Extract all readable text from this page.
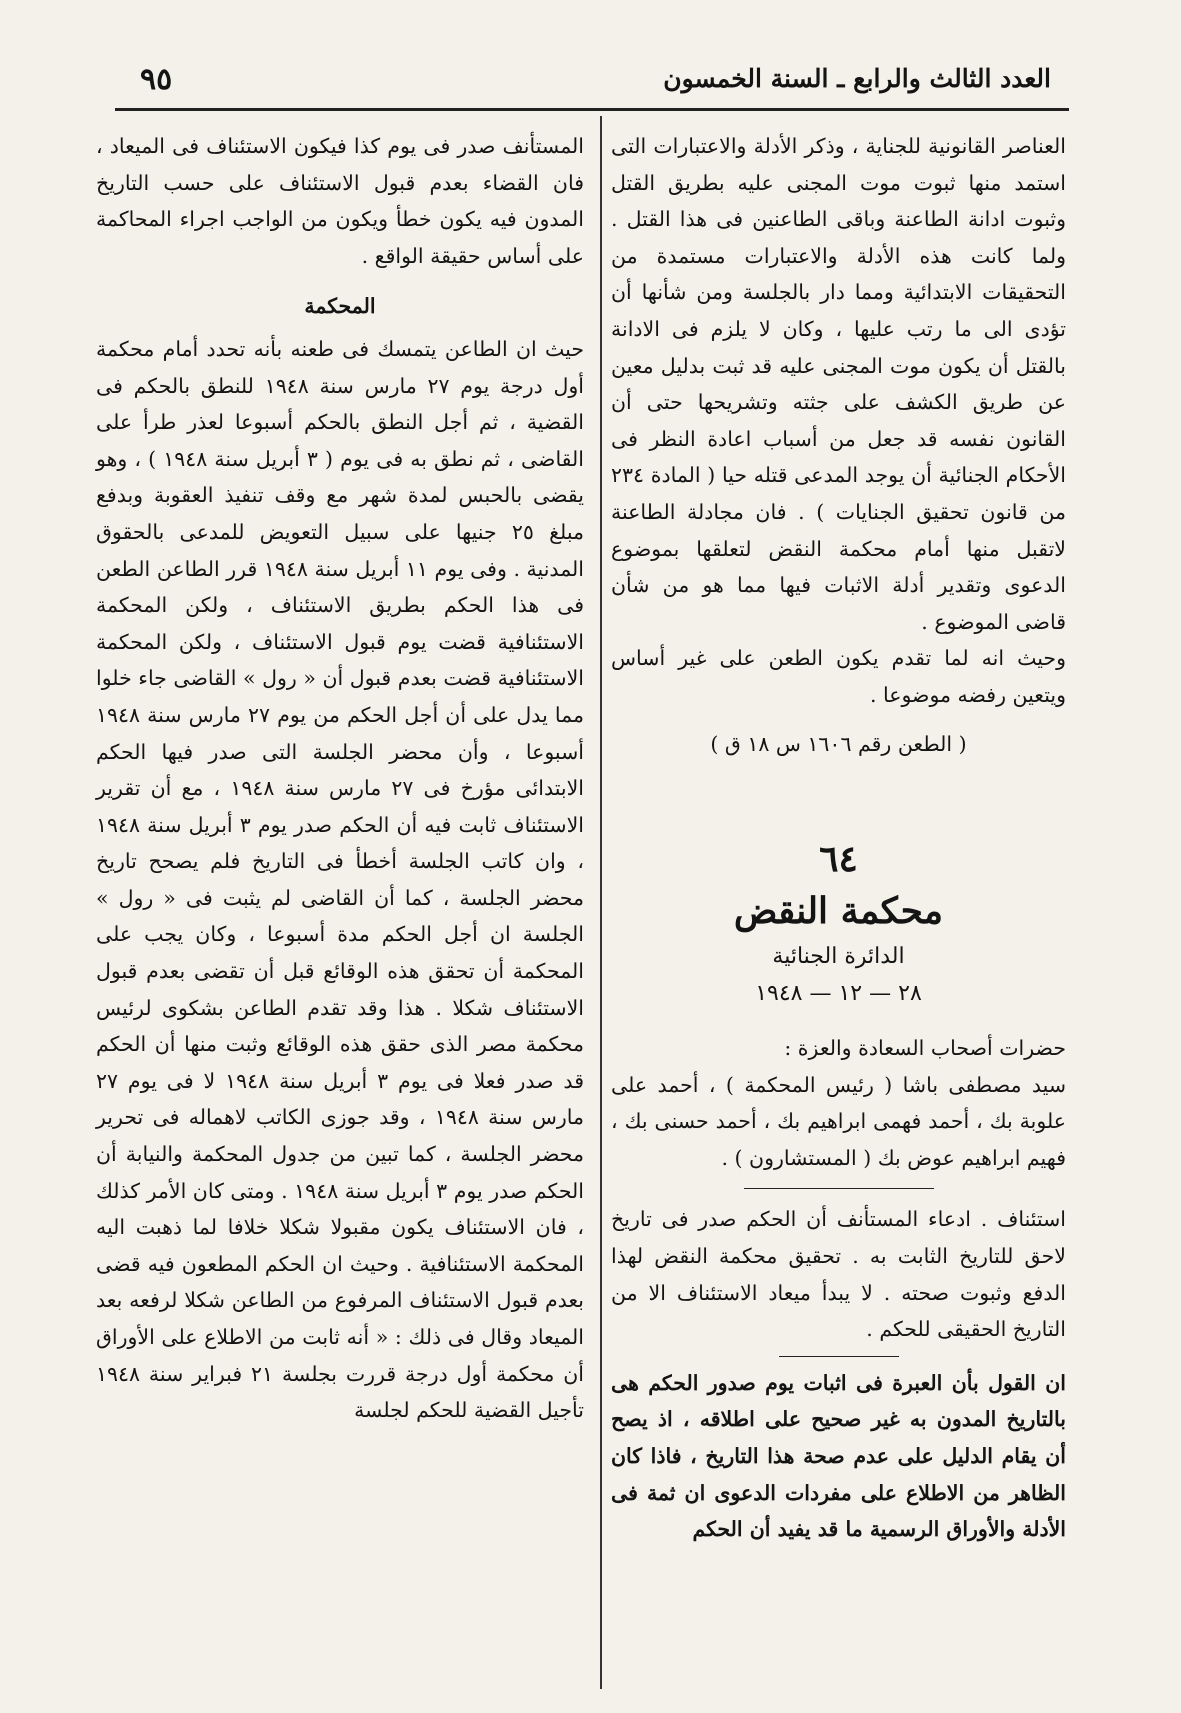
٩٥	العدد الثالث والرابع ـ السنة الخمسون

العناصر القانونية للجناية ، وذكر الأدلة والاعتبارات التى استمد منها ثبوت موت المجنى عليه بطريق القتل وثبوت ادانة الطاعنة وباقى الطاعنين فى هذا القتل . ولما كانت هذه الأدلة والاعتبارات مستمدة من التحقيقات الابتدائية ومما دار بالجلسة ومن شأنها أن تؤدى الى ما رتب عليها ، وكان لا يلزم فى الادانة بالقتل أن يكون موت المجنى عليه قد ثبت بدليل معين عن طريق الكشف على جثته وتشريحها حتى أن القانون نفسه قد جعل من أسباب اعادة النظر فى الأحكام الجنائية أن يوجد المدعى قتله حيا ( المادة ٢٣٤ من قانون تحقيق الجنايات ) . فان مجادلة الطاعنة لاتقبل منها أمام محكمة النقض لتعلقها بموضوع الدعوى وتقدير أدلة الاثبات فيها مما هو من شأن قاضى الموضوع .

وحيث انه لما تقدم يكون الطعن على غير أساس ويتعين رفضه موضوعا .

( الطعن رقم ١٦٠٦ س ١٨ ق )

٦٤

محكمة النقض

الدائرة الجنائية

٢٨ — ١٢ — ١٩٤٨

حضرات أصحاب السعادة والعزة :

سيد مصطفى باشا ( رئيس المحكمة ) ، أحمد على علوبة بك ، أحمد فهمى ابراهيم بك ، أحمد حسنى بك ، فهيم ابراهيم عوض بك ( المستشارون ) .

استئناف . ادعاء المستأنف أن الحكم صدر فى تاريخ لاحق للتاريخ الثابت به . تحقيق محكمة النقض لهذا الدفع وثبوت صحته . لا يبدأ ميعاد الاستئناف الا من التاريخ الحقيقى للحكم .

ان القول بأن العبرة فى اثبات يوم صدور الحكم هى بالتاريخ المدون به غير صحيح على اطلاقه ، اذ يصح أن يقام الدليل على عدم صحة هذا التاريخ ، فاذا كان الظاهر من الاطلاع على مفردات الدعوى ان ثمة فى الأدلة والأوراق الرسمية ما قد يفيد أن الحكم

المستأنف صدر فى يوم كذا فيكون الاستئناف فى الميعاد ، فان القضاء بعدم قبول الاستئناف على حسب التاريخ المدون فيه يكون خطأ ويكون من الواجب اجراء المحاكمة على أساس حقيقة الواقع .

المحكمة

حيث ان الطاعن يتمسك فى طعنه بأنه تحدد أمام محكمة أول درجة يوم ٢٧ مارس سنة ١٩٤٨ للنطق بالحكم فى القضية ، ثم أجل النطق بالحكم أسبوعا لعذر طرأ على القاضى ، ثم نطق به فى يوم ( ٣ أبريل سنة ١٩٤٨ ) ، وهو يقضى بالحبس لمدة شهر مع وقف تنفيذ العقوبة وبدفع مبلغ ٢٥ جنيها على سبيل التعويض للمدعى بالحقوق المدنية . وفى يوم ١١ أبريل سنة ١٩٤٨ قرر الطاعن الطعن فى هذا الحكم بطريق الاستئناف ، ولكن المحكمة الاستئنافية قضت يوم قبول الاستئناف ، ولكن المحكمة الاستئنافية قضت بعدم قبول أن « رول » القاضى جاء خلوا مما يدل على أن أجل الحكم من يوم ٢٧ مارس سنة ١٩٤٨ أسبوعا ، وأن محضر الجلسة التى صدر فيها الحكم الابتدائى مؤرخ فى ٢٧ مارس سنة ١٩٤٨ ، مع أن تقرير الاستئناف ثابت فيه أن الحكم صدر يوم ٣ أبريل سنة ١٩٤٨ ، وان كاتب الجلسة أخطأ فى التاريخ فلم يصحح تاريخ محضر الجلسة ، كما أن القاضى لم يثبت فى « رول » الجلسة ان أجل الحكم مدة أسبوعا ، وكان يجب على المحكمة أن تحقق هذه الوقائع قبل أن تقضى بعدم قبول الاستئناف شكلا . هذا وقد تقدم الطاعن بشكوى لرئيس محكمة مصر الذى حقق هذه الوقائع وثبت منها أن الحكم قد صدر فعلا فى يوم ٣ أبريل سنة ١٩٤٨ لا فى يوم ٢٧ مارس سنة ١٩٤٨ ، وقد جوزى الكاتب لاهماله فى تحرير محضر الجلسة ، كما تبين من جدول المحكمة والنيابة أن الحكم صدر يوم ٣ أبريل سنة ١٩٤٨ . ومتى كان الأمر كذلك ، فان الاستئناف يكون مقبولا شكلا خلافا لما ذهبت اليه المحكمة الاستئنافية . وحيث ان الحكم المطعون فيه قضى بعدم قبول الاستئناف المرفوع من الطاعن شكلا لرفعه بعد الميعاد وقال فى ذلك : « أنه ثابت من الاطلاع على الأوراق أن محكمة أول درجة قررت بجلسة ٢١ فبراير سنة ١٩٤٨ تأجيل القضية للحكم لجلسة
